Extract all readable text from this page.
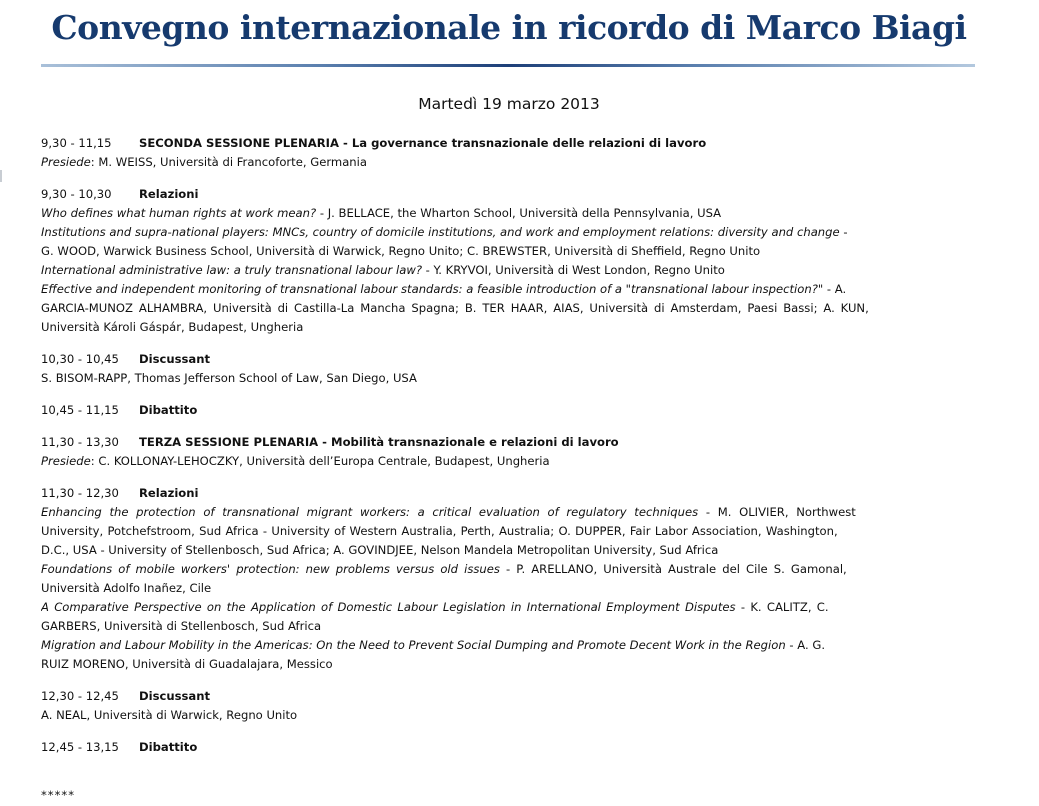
Convegno internazionale in ricordo di Marco Biagi
Martedì 19 marzo 2013
9,30 - 11,15 SECONDA SESSIONE PLENARIA - La governance transnazionale delle relazioni di lavoro
Presiede: M. WEISS, Università di Francoforte, Germania
9,30 - 10,30 Relazioni
Who defines what human rights at work mean? - J. BELLACE, the Wharton School, Università della Pennsylvania, USA
Institutions and supra-national players: MNCs, country of domicile institutions, and work and employment relations: diversity and change -
G. WOOD, Warwick Business School, Università di Warwick, Regno Unito; C. BREWSTER, Università di Sheffield, Regno Unito
International administrative law: a truly transnational labour law? - Y. KRYVOI, Università di West London, Regno Unito
Effective and independent monitoring of transnational labour standards: a feasible introduction of a "transnational labour inspection?" - A.
GARCIA-MUNOZ ALHAMBRA, Università di Castilla-La Mancha Spagna; B. TER HAAR, AIAS, Università di Amsterdam, Paesi Bassi; A. KUN,
Università Károli Gáspár, Budapest, Ungheria
10,30 - 10,45 Discussant
S. BISOM-RAPP, Thomas Jefferson School of Law, San Diego, USA
10,45 - 11,15 Dibattito
11,30 - 13,30 TERZA SESSIONE PLENARIA - Mobilità transnazionale e relazioni di lavoro
Presiede: C. KOLLONAY-LEHOCZKY, Università dell’Europa Centrale, Budapest, Ungheria
11,30 - 12,30 Relazioni
Enhancing the protection of transnational migrant workers: a critical evaluation of regulatory techniques - M. OLIVIER, Northwest
University, Potchefstroom, Sud Africa - University of Western Australia, Perth, Australia; O. DUPPER, Fair Labor Association, Washington,
D.C., USA - University of Stellenbosch, Sud Africa; A. GOVINDJEE, Nelson Mandela Metropolitan University, Sud Africa
Foundations of mobile workers' protection: new problems versus old issues - P. ARELLANO, Università Australe del Cile S. Gamonal,
Università Adolfo Inañez, Cile
A Comparative Perspective on the Application of Domestic Labour Legislation in International Employment Disputes - K. CALITZ, C.
GARBERS, Università di Stellenbosch, Sud Africa
Migration and Labour Mobility in the Americas: On the Need to Prevent Social Dumping and Promote Decent Work in the Region - A. G.
RUIZ MORENO, Università di Guadalajara, Messico
12,30 - 12,45 Discussant
A. NEAL, Università di Warwick, Regno Unito
12,45 - 13,15 Dibattito
*****
